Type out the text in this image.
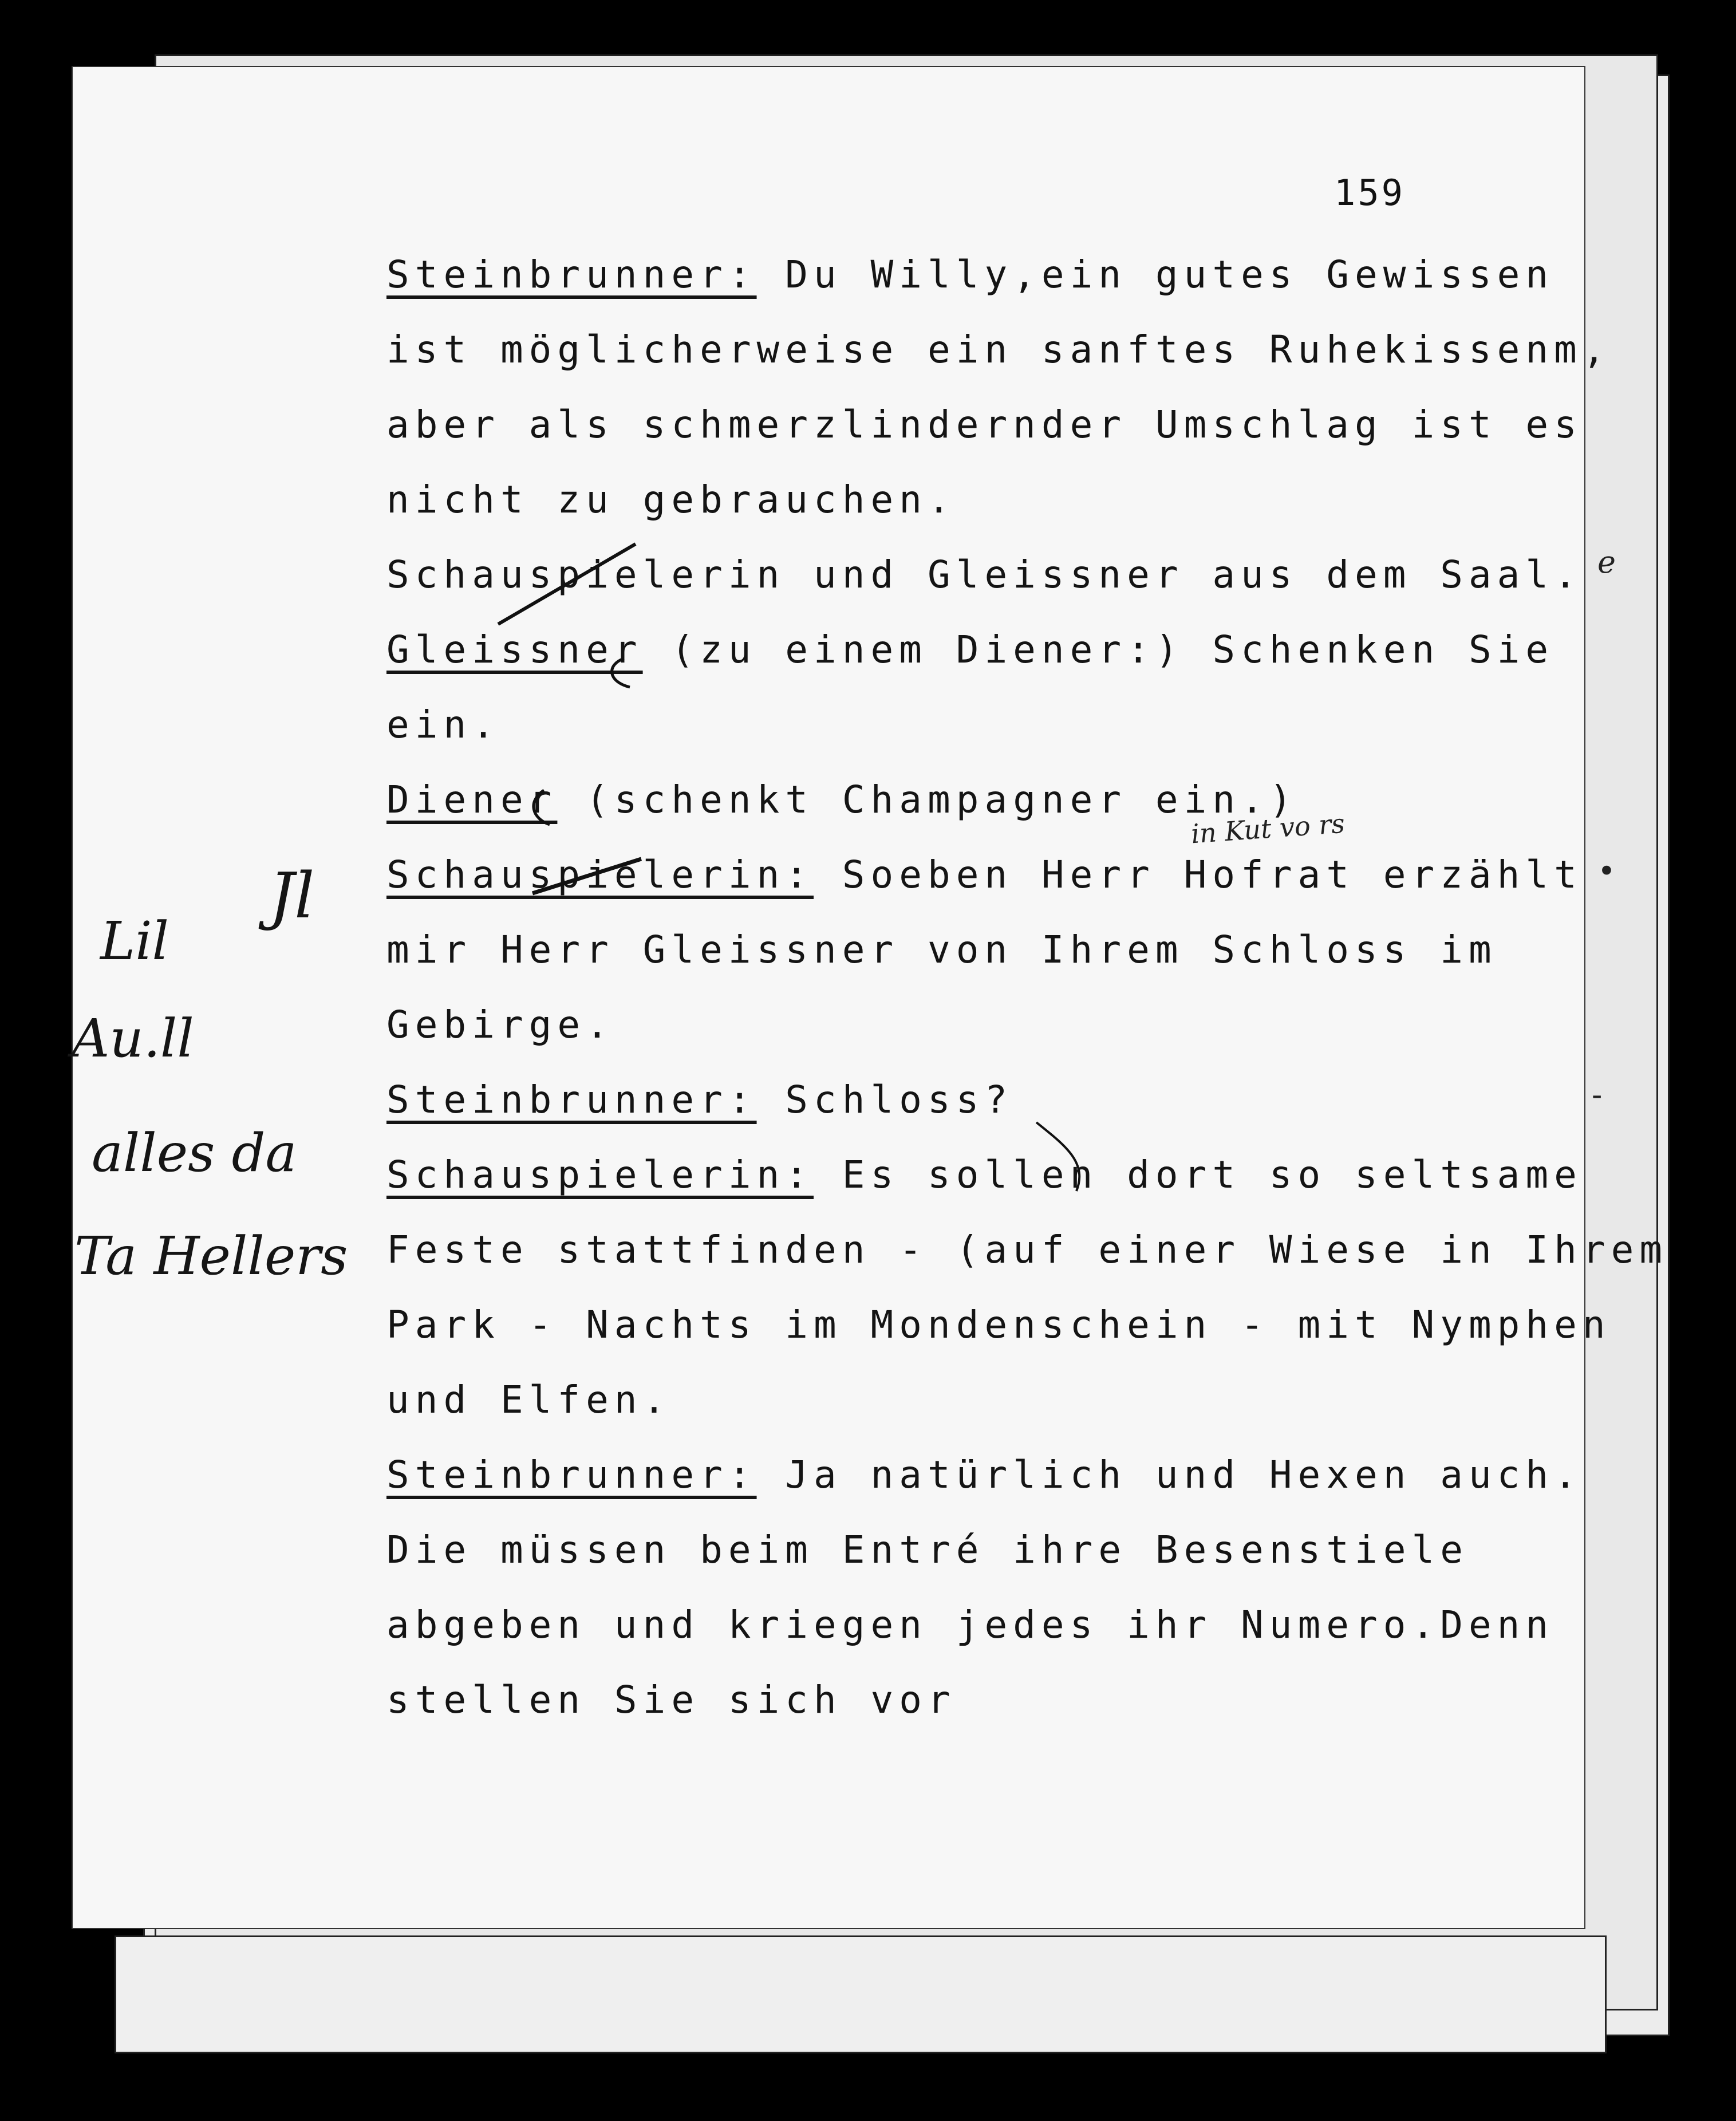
159
Steinbrunner: Du Willy,ein gutes Gewissen
ist möglicherweise ein sanftes Ruhekissenm,
aber als schmerzlindernder Umschlag ist es
nicht zu gebrauchen.
Schauspielerin und Gleissner aus dem Saal.
Gleissner (zu einem Diener:) Schenken Sie
ein.
Diener (schenkt Champagner ein.)
Schauspielerin: Soeben Herr Hofrat erzählt
mir Herr Gleissner von Ihrem Schloss im
Gebirge.
Steinbrunner: Schloss?
Schauspielerin: Es sollen dort so seltsame
Feste stattfinden - (auf einer Wiese in Ihrem
Park - Nachts im Mondenschein - mit Nymphen
und Elfen.
Steinbrunner: Ja natürlich und Hexen auch.
Die müssen beim Entré ihre Besenstiele
abgeben und kriegen jedes ihr Numero.Denn
stellen Sie sich vor
Jl
Lil
Au.ll
alles da
Ta Hellers
in Kut vo rs
e
•
-
